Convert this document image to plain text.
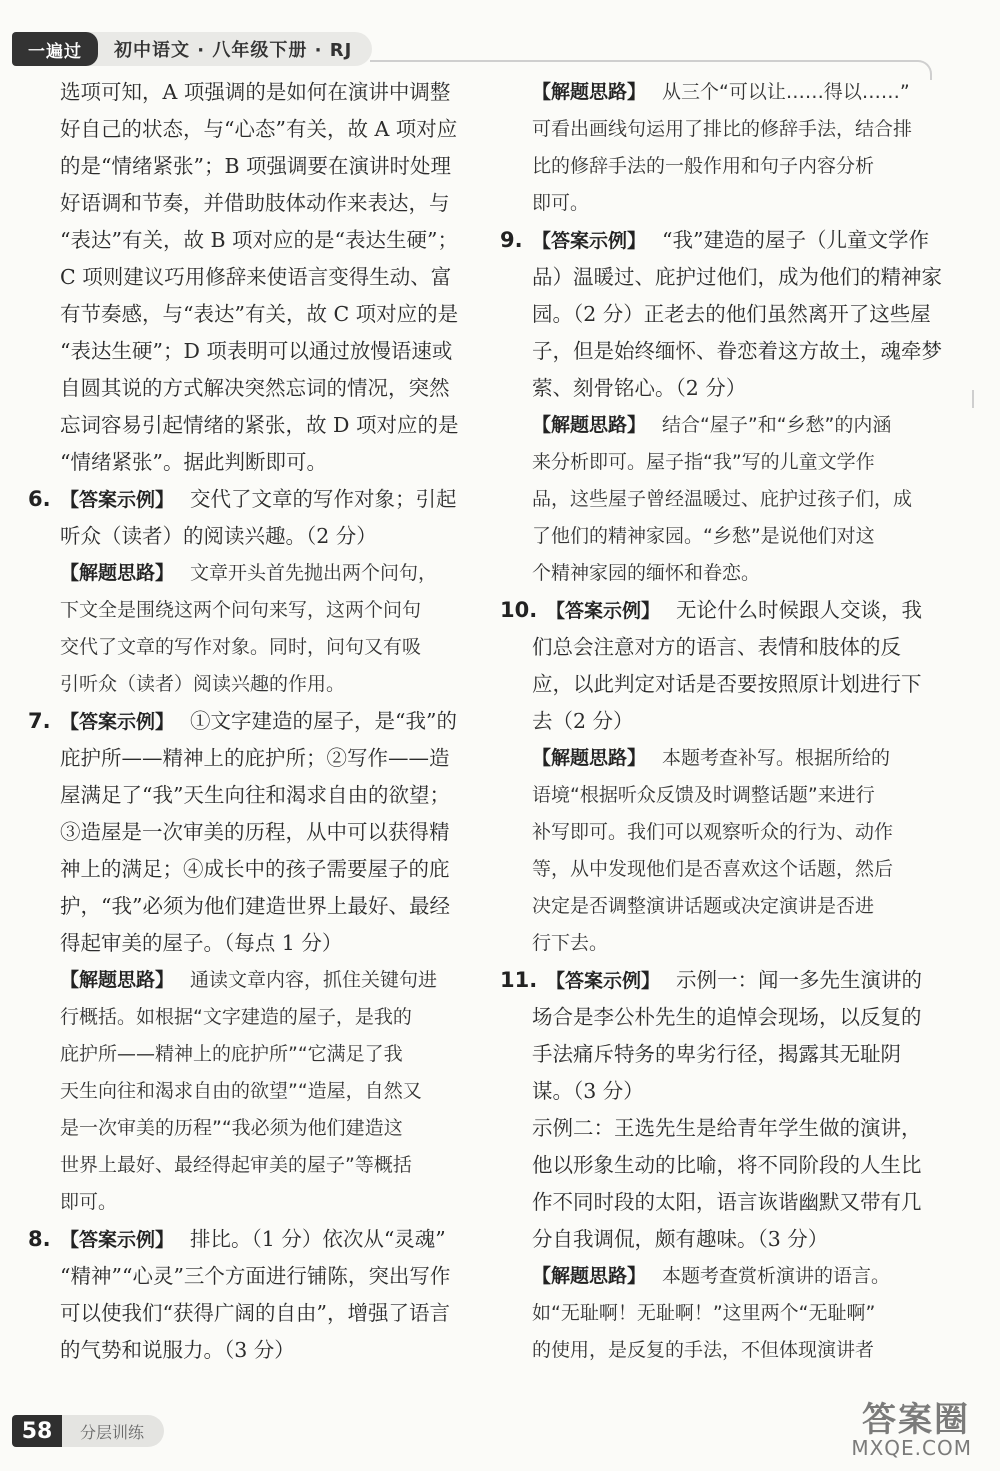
一遍过	初中语文 · 八年级下册 · RJ
选项可知，A 项强调的是如何在演讲中调整
好自己的状态，与“心态”有关，故 A 项对应
的是“情绪紧张”；B 项强调要在演讲时处理
好语调和节奏，并借助肢体动作来表达，与
“表达”有关，故 B 项对应的是“表达生硬”；
C 项则建议巧用修辞来使语言变得生动、富
有节奏感，与“表达”有关，故 C 项对应的是
“表达生硬”；D 项表明可以通过放慢语速或
自圆其说的方式解决突然忘词的情况，突然
忘词容易引起情绪的紧张，故 D 项对应的是
“情绪紧张”。据此判断即可。
6. 【答案示例】 交代了文章的写作对象；引起
听众（读者）的阅读兴趣。（2 分）
【解题思路】 文章开头首先抛出两个问句，
下文全是围绕这两个问句来写，这两个问句
交代了文章的写作对象。同时，问句又有吸
引听众（读者）阅读兴趣的作用。
7. 【答案示例】 ①文字建造的屋子，是“我”的
庇护所——精神上的庇护所；②写作——造
屋满足了“我”天生向往和渴求自由的欲望；
③造屋是一次审美的历程，从中可以获得精
神上的满足；④成长中的孩子需要屋子的庇
护，“我”必须为他们建造世界上最好、最经
得起审美的屋子。（每点 1 分）
【解题思路】 通读文章内容，抓住关键句进
行概括。如根据“文字建造的屋子，是我的
庇护所——精神上的庇护所”“它满足了我
天生向往和渴求自由的欲望”“造屋，自然又
是一次审美的历程”“我必须为他们建造这
世界上最好、最经得起审美的屋子”等概括
即可。
8. 【答案示例】 排比。（1 分）依次从“灵魂”
“精神”“心灵”三个方面进行铺陈，突出写作
可以使我们“获得广阔的自由”，增强了语言
的气势和说服力。（3 分）
【解题思路】 从三个“可以让……得以……”
可看出画线句运用了排比的修辞手法，结合排
比的修辞手法的一般作用和句子内容分析
即可。
9. 【答案示例】 “我”建造的屋子（儿童文学作
品）温暖过、庇护过他们，成为他们的精神家
园。（2 分）正老去的他们虽然离开了这些屋
子，但是始终缅怀、眷恋着这方故土，魂牵梦
萦、刻骨铭心。（2 分）
【解题思路】 结合“屋子”和“乡愁”的内涵
来分析即可。屋子指“我”写的儿童文学作
品，这些屋子曾经温暖过、庇护过孩子们，成
了他们的精神家园。“乡愁”是说他们对这
个精神家园的缅怀和眷恋。
10. 【答案示例】 无论什么时候跟人交谈，我
们总会注意对方的语言、表情和肢体的反
应，以此判定对话是否要按照原计划进行下
去（2 分）
【解题思路】 本题考查补写。根据所给的
语境“根据听众反馈及时调整话题”来进行
补写即可。我们可以观察听众的行为、动作
等，从中发现他们是否喜欢这个话题，然后
决定是否调整演讲话题或决定演讲是否进
行下去。
11. 【答案示例】 示例一：闻一多先生演讲的
场合是李公朴先生的追悼会现场，以反复的
手法痛斥特务的卑劣行径，揭露其无耻阴
谋。（3 分）
示例二：王选先生是给青年学生做的演讲，
他以形象生动的比喻，将不同阶段的人生比
作不同时段的太阳，语言诙谐幽默又带有几
分自我调侃，颇有趣味。（3 分）
【解题思路】 本题考查赏析演讲的语言。
如“无耻啊！无耻啊！”这里两个“无耻啊”
的使用，是反复的手法，不但体现演讲者
58	分层训练	答案圈
MXQE.COM
